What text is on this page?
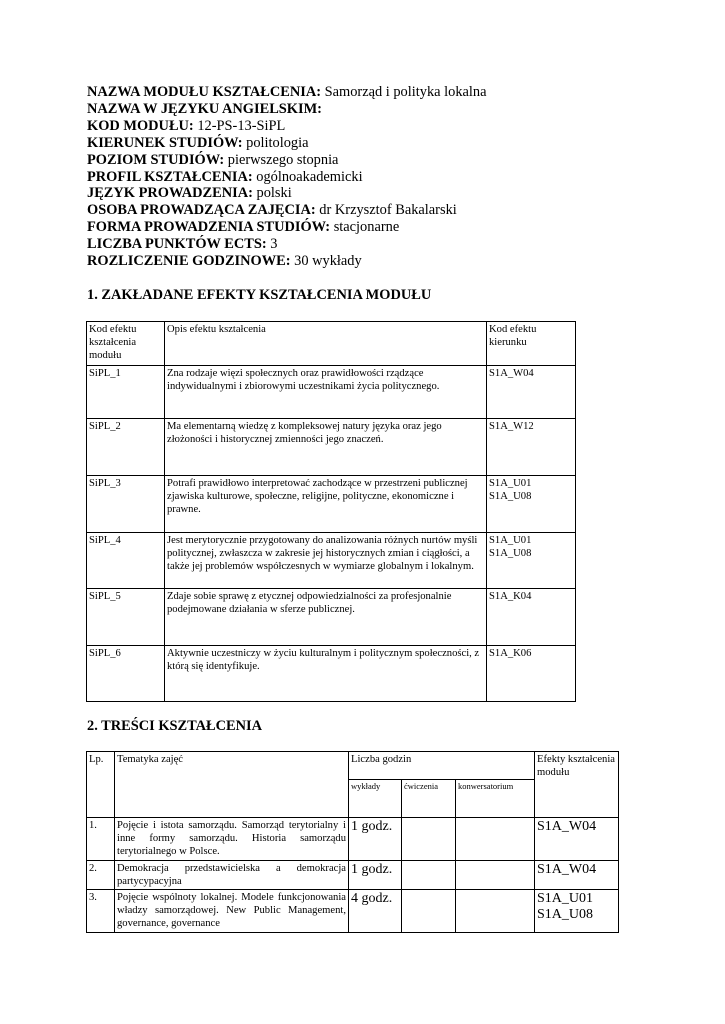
NAZWA MODUŁU KSZTAŁCENIA: Samorząd i polityka lokalna
NAZWA W JĘZYKU ANGIELSKIM:
KOD MODUŁU: 12-PS-13-SiPL
KIERUNEK STUDIÓW: politologia
POZIOM STUDIÓW: pierwszego stopnia
PROFIL KSZTAŁCENIA: ogólnoakademicki
JĘZYK PROWADZENIA: polski
OSOBA PROWADZĄCA ZAJĘCIA: dr Krzysztof Bakalarski
FORMA PROWADZENIA STUDIÓW: stacjonarne
LICZBA PUNKTÓW ECTS: 3
ROZLICZENIE GODZINOWE: 30 wykłady
1. ZAKŁADANE EFEKTY KSZTAŁCENIA MODUŁU
Kod efektu kształcenia modułu	Opis efektu kształcenia	Kod efektu kierunku
SiPL_1	Zna rodzaje więzi społecznych oraz prawidłowości rządzące indywidualnymi i zbiorowymi uczestnikami życia politycznego.	S1A_W04
SiPL_2	Ma elementarną wiedzę z kompleksowej natury języka oraz jego złożoności i historycznej zmienności jego znaczeń.	S1A_W12
SiPL_3	Potrafi prawidłowo interpretować zachodzące w przestrzeni publicznej zjawiska kulturowe, społeczne, religijne, polityczne, ekonomiczne i prawne.	S1A_U01
S1A_U08
SiPL_4	Jest merytorycznie przygotowany do analizowania różnych nurtów myśli politycznej, zwłaszcza w zakresie jej historycznych zmian i ciągłości, a także jej problemów współczesnych w wymiarze globalnym i lokalnym.	S1A_U01
S1A_U08
SiPL_5	Zdaje sobie sprawę z etycznej odpowiedzialności za profesjonalnie podejmowane działania w sferze publicznej.	S1A_K04
SiPL_6	Aktywnie uczestniczy w życiu kulturalnym i politycznym społeczności, z którą się identyfikuje.	S1A_K06
2. TREŚCI KSZTAŁCENIA
Lp.	Tematyka zajęć	Liczba godzin			Efekty kształcenia modułu
		wykłady	ćwiczenia	konwersatorium	
1.	Pojęcie i istota samorządu. Samorząd terytorialny i inne formy samorządu. Historia samorządu terytorialnego w Polsce.	1 godz.			S1A_W04
2.	Demokracja przedstawicielska a demokracja partycypacyjna	1 godz.			S1A_W04
3.	Pojęcie wspólnoty lokalnej. Modele funkcjonowania władzy samorządowej. New Public Management, governance, governance	4 godz.			S1A_U01
S1A_U08
